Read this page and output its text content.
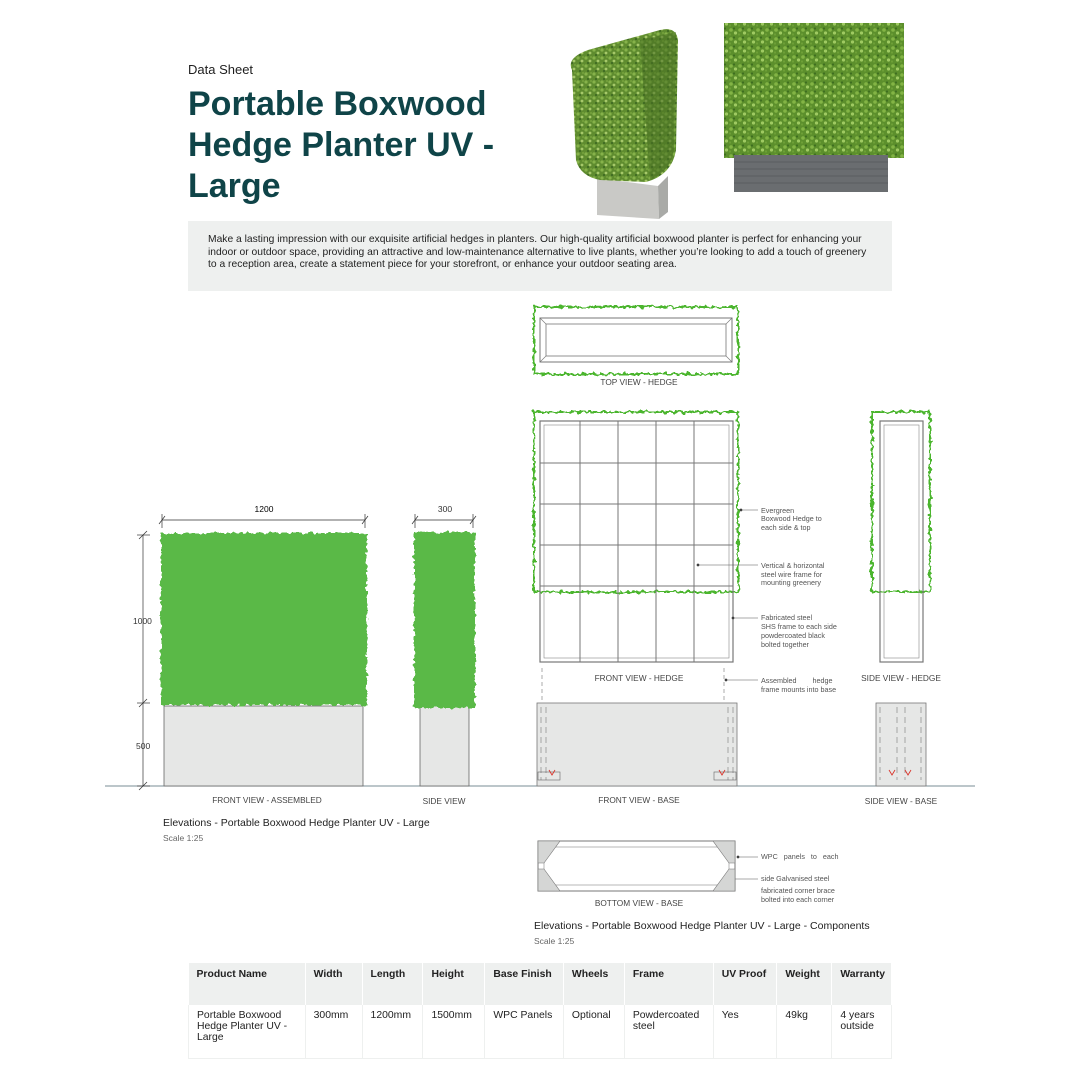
Data Sheet
Portable Boxwood
Hedge Planter UV -
Large
Make a lasting impression with our exquisite artificial hedges in planters. Our high-quality artificial boxwood planter is perfect for enhancing your indoor or outdoor space, providing an attractive and low-maintenance alternative to live plants, whether you’re looking to add a touch of greenery to a reception area, create a statement piece for your storefront, or enhance your outdoor seating area.
1200
1000
500
300
TOP VIEW - HEDGE
FRONT VIEW - HEDGE
Evergreen
Boxwood Hedge to
each side & top
Vertical & horizontal
steel wire frame for
mounting greenery
Fabricated steel
SHS frame to each side
powdercoated black
bolted together
Assembled        hedge
frame mounts into base
SIDE VIEW - HEDGE
WPC   panels   to   each
side Galvanised steel
fabricated corner brace
bolted into each corner
FRONT VIEW - ASSEMBLED	SIDE VIEW	FRONT VIEW - BASE	SIDE VIEW - BASE
BOTTOM VIEW - BASE
Elevations - Portable Boxwood Hedge Planter UV - Large
Scale 1:25
Elevations - Portable Boxwood Hedge Planter UV - Large - Components
Scale 1:25
Product Name	Width	Length	Height	Base Finish	Wheels	Frame	UV Proof	Weight	Warranty
Portable Boxwood Hedge Planter UV - Large	300mm	1200mm	1500mm	WPC Panels	Optional	Powdercoated steel	Yes	49kg	4 years outside
